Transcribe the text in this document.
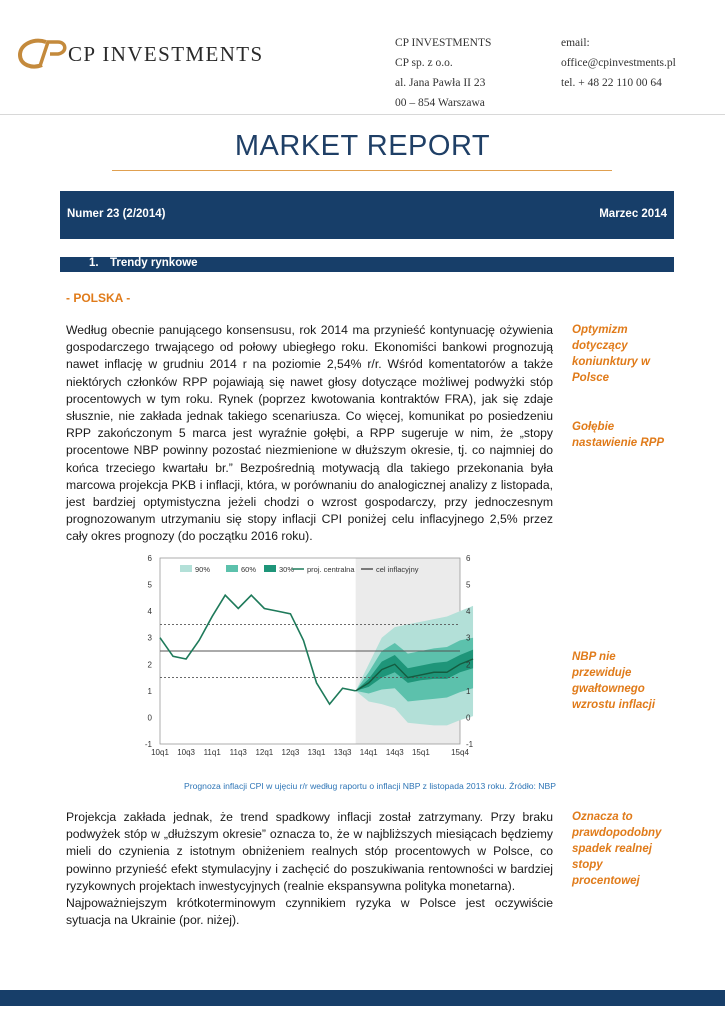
CP INVESTMENTS	CP INVESTMENTS
CP sp. z o.o.
al. Jana Pawła II 23
00 – 854 Warszawa
email:
office@cpinvestments.pl
tel. + 48 22 110 00 64
MARKET REPORT
Numer 23 (2/2014)	Marzec 2014
1. Trendy rynkowe
- POLSKA -

Według obecnie panującego konsensusu, rok 2014 ma przynieść kontynuację ożywienia gospodarczego trwającego od połowy ubiegłego roku. Ekonomiści bankowi prognozują nawet inflację w grudniu 2014 r na poziomie 2,54% r/r. Wśród komentatorów a także niektórych członków RPP pojawiają się nawet głosy dotyczące możliwej podwyżki stóp procentowych w tym roku. Rynek (poprzez kwotowania kontraktów FRA), jak się zdaje słusznie, nie zakłada jednak takiego scenariusza. Co więcej, komunikat po posiedzeniu RPP zakończonym 5 marca jest wyraźnie gołębi, a RPP sugeruje w nim, że „stopy procentowe NBP powinny pozostać niezmienione w dłuższym okresie, tj. co najmniej do końca trzeciego kwartału br.” Bezpośrednią motywacją dla takiego przekonania była marcowa projekcja PKB i inflacji, która, w porównaniu do analogicznej analizy z listopada, jest bardziej optymistyczna jeżeli chodzi o wzrost gospodarczy, przy jednoczesnym prognozowanym utrzymaniu się stopy inflacji CPI poniżej celu inflacyjnego 2,5% przez cały okres prognozy (do początku 2016 roku).

Projekcja zakłada jednak, że trend spadkowy inflacji został zatrzymany. Przy braku podwyżek stóp w „dłuższym okresie” oznacza to, że w najbliższych miesiącach będziemy mieli do czynienia z istotnym obniżeniem realnych stóp procentowych w Polsce, co powinno przynieść efekt stymulacyjny i zachęcić do poszukiwania rentowności w bardziej ryzykownych projektach inwestycyjnych (realnie ekspansywna polityka monetarna).

Najpoważniejszym krótkoterminowym czynnikiem ryzyka w Polsce jest oczywiście sytuacja na Ukrainie (por. niżej).

Optymizm dotyczący koniunktury w Polsce
Gołębie nastawienie RPP
NBP nie przewiduje gwałtownego wzrostu inflacji
Oznacza to prawdopodobny spadek realnej stopy procentowej
-1	-1
0	0
1	1
2	2
3	3
4	4
5	5
6	6
10q1 10q3 11q1 11q3 12q1 12q3 13q1 13q3 14q1 14q3 15q1	15q4
90%	60%	30% proj. centralna	cel inflacyjny
Prognoza inflacji CPI w ujęciu r/r według raportu o inflacji NBP z listopada 2013 roku. Źródło: NBP
